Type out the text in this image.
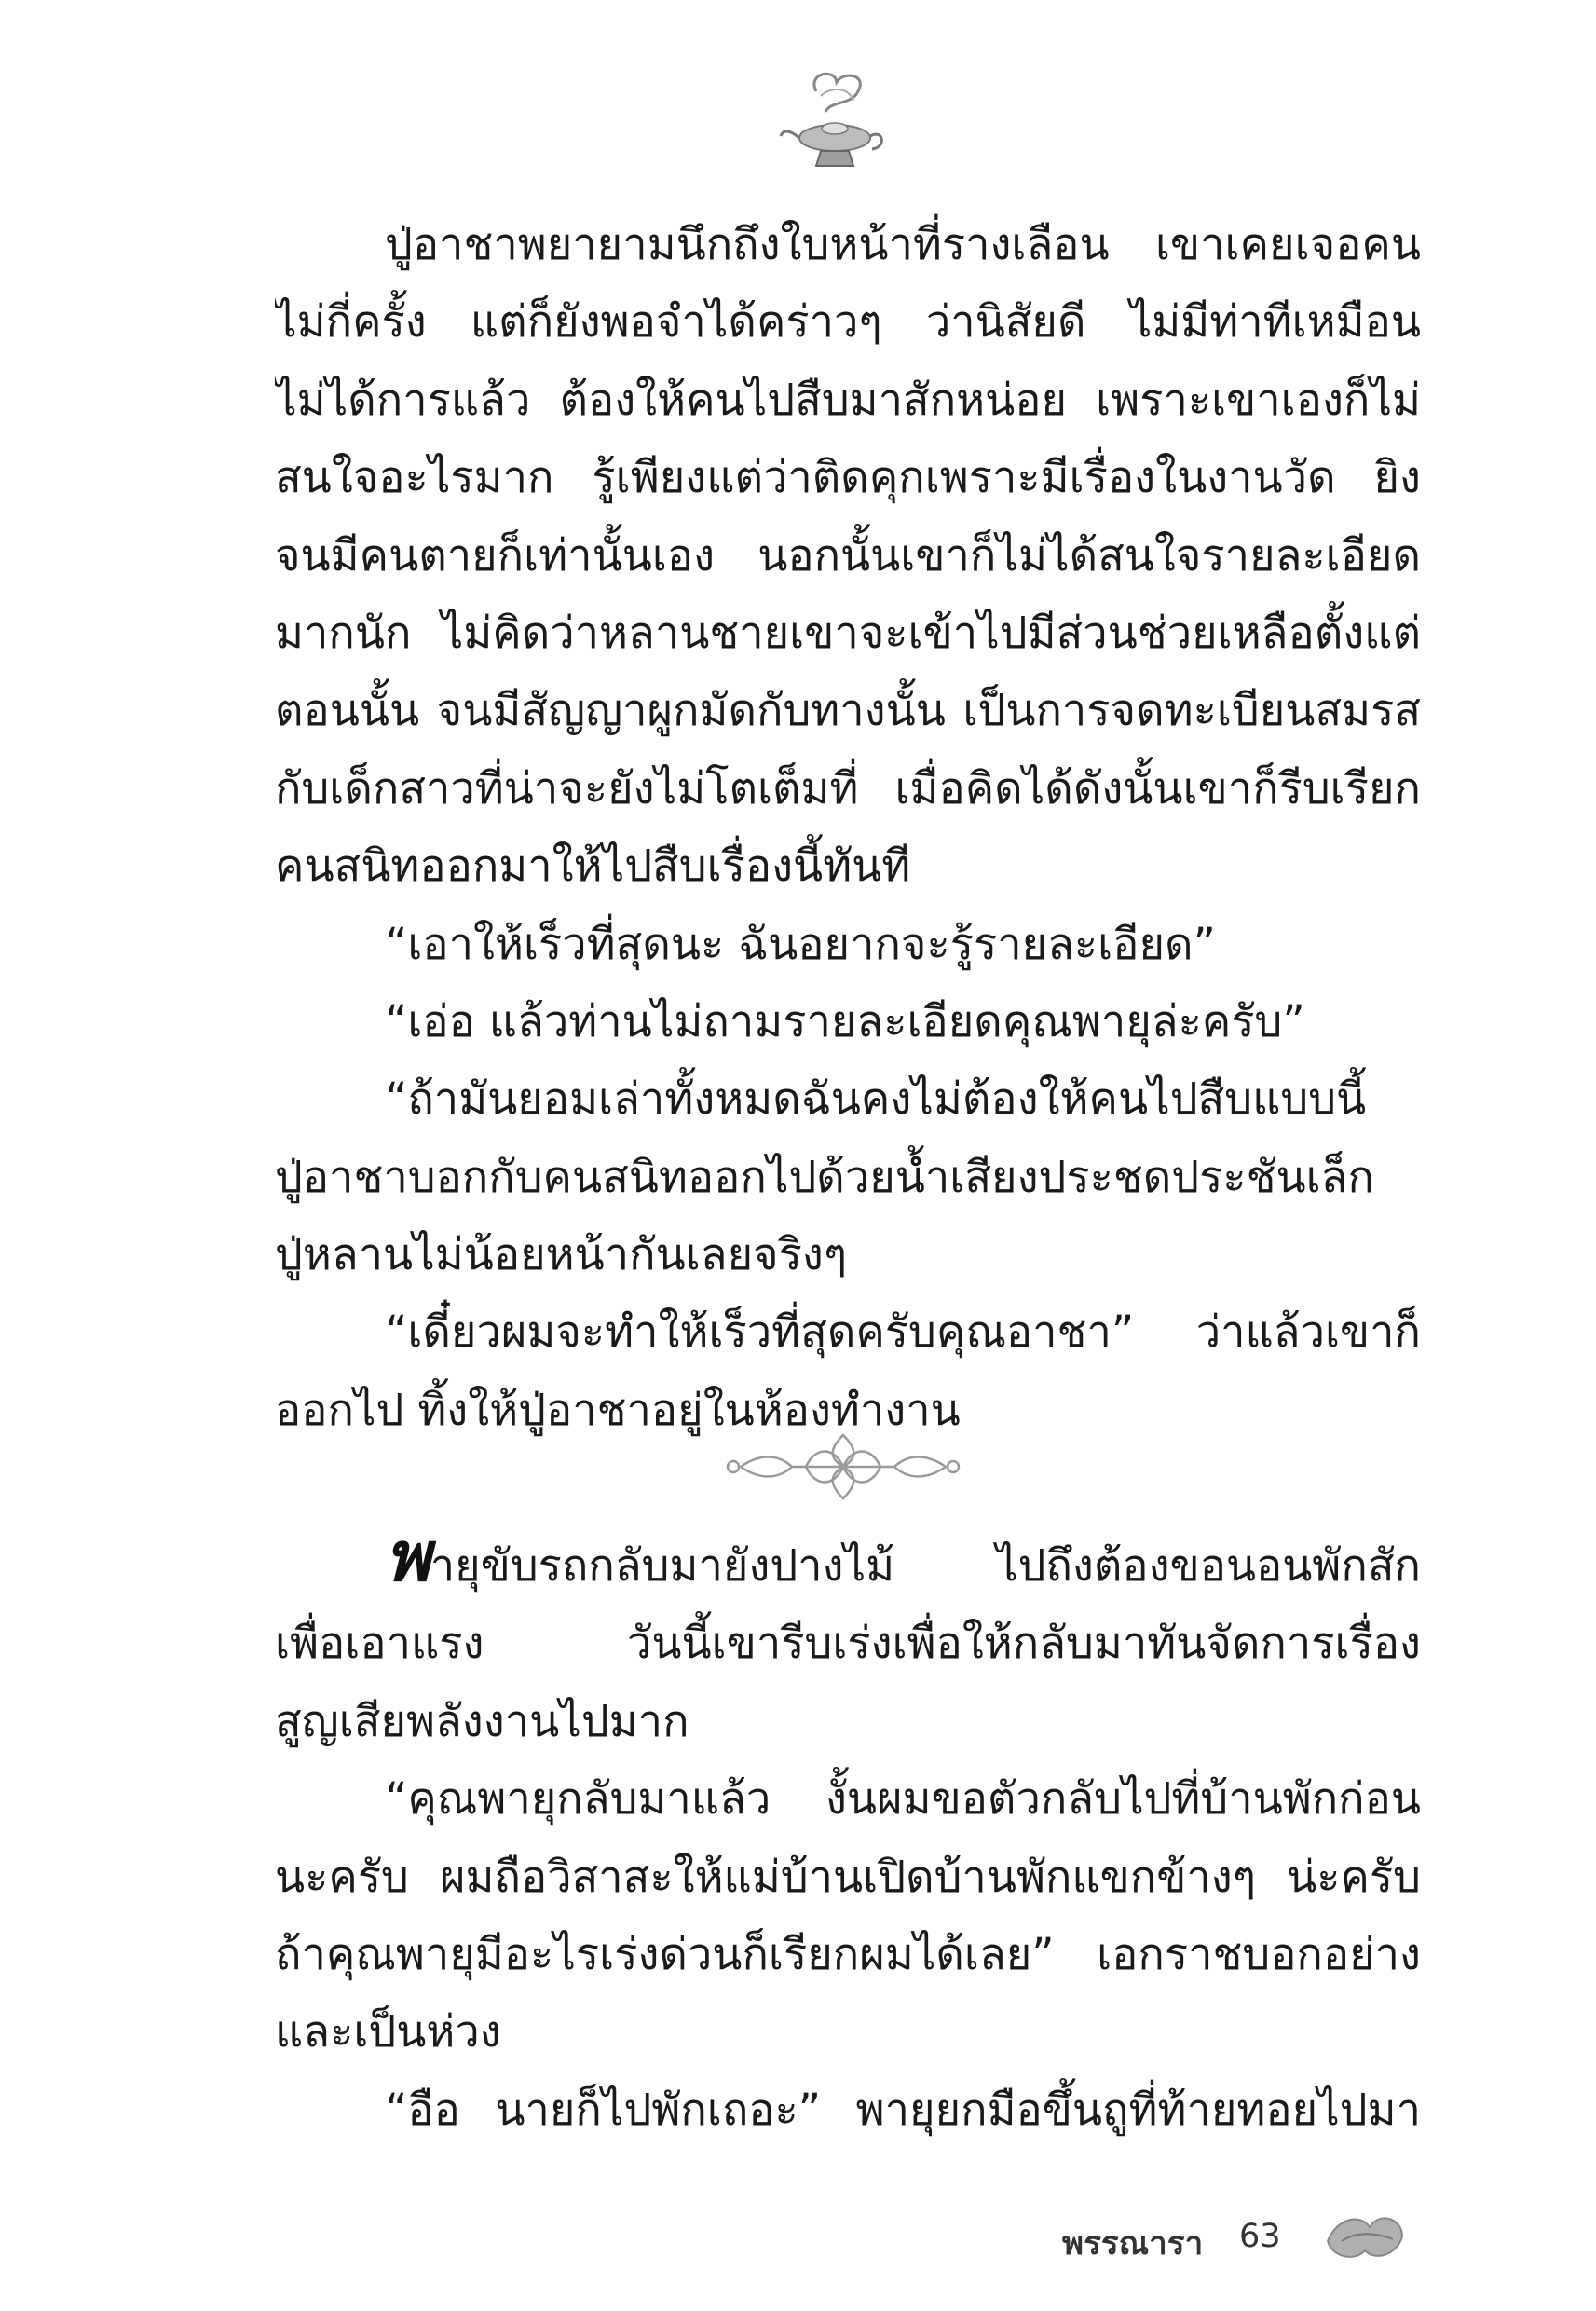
ปู่อาชาพยายามนึกถึงใบหน้าที่รางเลือน เขาเคยเจอคน
ไม่กี่ครั้ง แต่ก็ยังพอจำได้คร่าวๆ ว่านิสัยดี ไม่มีท่าทีเหมือน
ไม่ได้การแล้ว ต้องให้คนไปสืบมาสักหน่อย เพราะเขาเองก็ไม่
สนใจอะไรมาก รู้เพียงแต่ว่าติดคุกเพราะมีเรื่องในงานวัด ยิง
จนมีคนตายก็เท่านั้นเอง นอกนั้นเขาก็ไม่ได้สนใจรายละเอียด
มากนัก ไม่คิดว่าหลานชายเขาจะเข้าไปมีส่วนช่วยเหลือตั้งแต่
ตอนนั้น จนมีสัญญาผูกมัดกับทางนั้น เป็นการจดทะเบียนสมรส
กับเด็กสาวที่น่าจะยังไม่โตเต็มที่ เมื่อคิดได้ดังนั้นเขาก็รีบเรียก
คนสนิทออกมาให้ไปสืบเรื่องนี้ทันที
“เอาให้เร็วที่สุดนะ ฉันอยากจะรู้รายละเอียด”
“เอ่อ แล้วท่านไม่ถามรายละเอียดคุณพายุล่ะครับ”
“ถ้ามันยอมเล่าทั้งหมดฉันคงไม่ต้องให้คนไปสืบแบบนี้
ปู่อาชาบอกกับคนสนิทออกไปด้วยน้ำเสียงประชดประชันเล็ก
ปู่หลานไม่น้อยหน้ากันเลยจริงๆ
“เดี๋ยวผมจะทำให้เร็วที่สุดครับคุณอาชา” ว่าแล้วเขาก็
ออกไป ทิ้งให้ปู่อาชาอยู่ในห้องทำงาน
พายุขับรถกลับมายังปางไม้ ไปถึงต้องขอนอนพักสัก
เพื่อเอาแรง วันนี้เขารีบเร่งเพื่อให้กลับมาทันจัดการเรื่อง
สูญเสียพลังงานไปมาก
“คุณพายุกลับมาแล้ว งั้นผมขอตัวกลับไปที่บ้านพักก่อน
นะครับ ผมถือวิสาสะให้แม่บ้านเปิดบ้านพักแขกข้างๆ น่ะครับ
ถ้าคุณพายุมีอะไรเร่งด่วนก็เรียกผมได้เลย” เอกราชบอกอย่าง
และเป็นห่วง
“อือ นายก็ไปพักเถอะ” พายุยกมือขึ้นถูที่ท้ายทอยไปมา
พรรณารา 63
